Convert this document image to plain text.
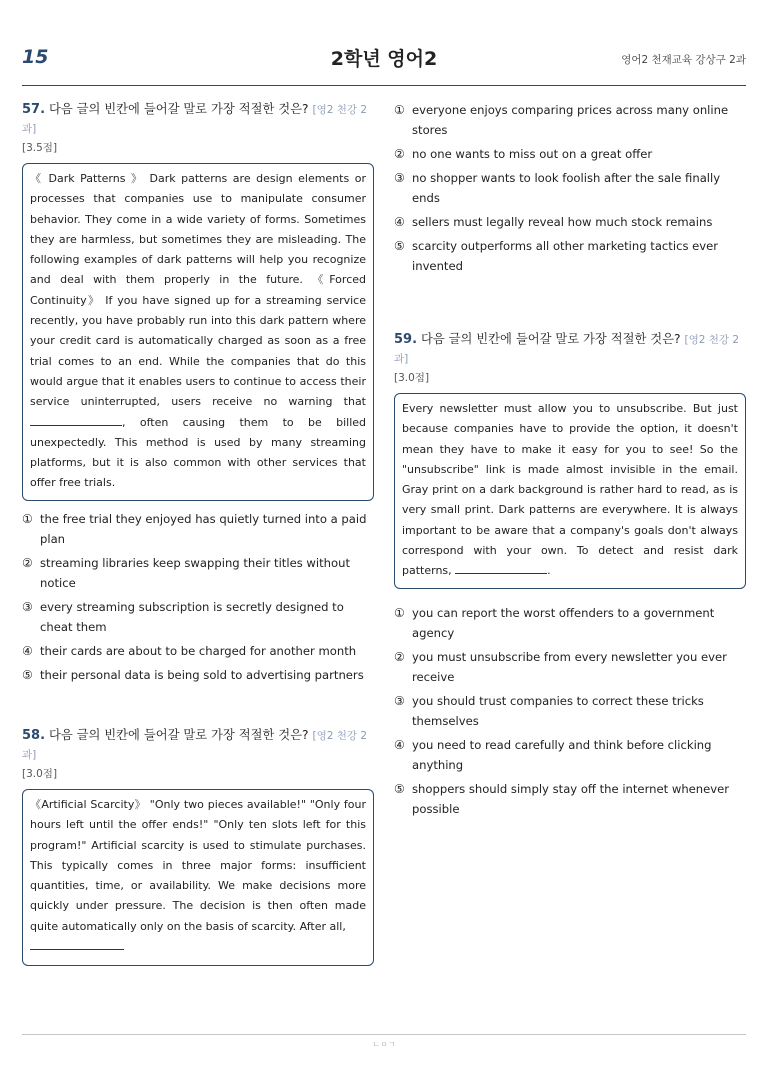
15	2학년 영어2	영어2 천재교육 강상구 2과
57. 다음 글의 빈칸에 들어갈 말로 가장 적절한 것은? [영2 천강 2과]
[3.5점]
《 Dark Patterns 》 Dark patterns are design elements or processes that companies use to manipulate consumer behavior. They come in a wide variety of forms. Sometimes they are harmless, but sometimes they are misleading. The following examples of dark patterns will help you recognize and deal with them properly in the future. 《Forced Continuity》 If you have signed up for a streaming service recently, you have probably run into this dark pattern where your credit card is automatically charged as soon as a free trial comes to an end. While the companies that do this would argue that it enables users to continue to access their service uninterrupted, users receive no warning that , often causing them to be billed unexpectedly. This method is used by many streaming platforms, but it is also common with other services that offer free trials.
① the free trial they enjoyed has quietly turned into a paid plan
② streaming libraries keep swapping their titles without notice
③ every streaming subscription is secretly designed to cheat them
④ their cards are about to be charged for another month
⑤ their personal data is being sold to advertising partners
58. 다음 글의 빈칸에 들어갈 말로 가장 적절한 것은? [영2 천강 2과]
[3.0점]
《Artificial Scarcity》 "Only two pieces available!" "Only four hours left until the offer ends!" "Only ten slots left for this program!" Artificial scarcity is used to stimulate purchases. This typically comes in three major forms: insufficient quantities, time, or availability. We make decisions more quickly under pressure. The decision is then often made quite automatically only on the basis of scarcity. After all,

① everyone enjoys comparing prices across many online stores
② no one wants to miss out on a great offer
③ no shopper wants to look foolish after the sale finally ends
④ sellers must legally reveal how much stock remains
⑤ scarcity outperforms all other marketing tactics ever invented
59. 다음 글의 빈칸에 들어갈 말로 가장 적절한 것은? [영2 천강 2과]
[3.0점]
Every newsletter must allow you to unsubscribe. But just because companies have to provide the option, it doesn't mean they have to make it easy for you to see! So the "unsubscribe" link is made almost invisible in the email. Gray print on a dark background is rather hard to read, as is very small print. Dark patterns are everywhere. It is always important to be aware that a company's goals don't always correspond with your own. To detect and resist dark patterns,	.
① you can report the worst offenders to a government agency
② you must unsubscribe from every newsletter you ever receive
③ you should trust companies to correct these tricks themselves
④ you need to read carefully and think before clicking anything
⑤ shoppers should simply stay off the internet whenever possible
ㄴㅇㄱ
